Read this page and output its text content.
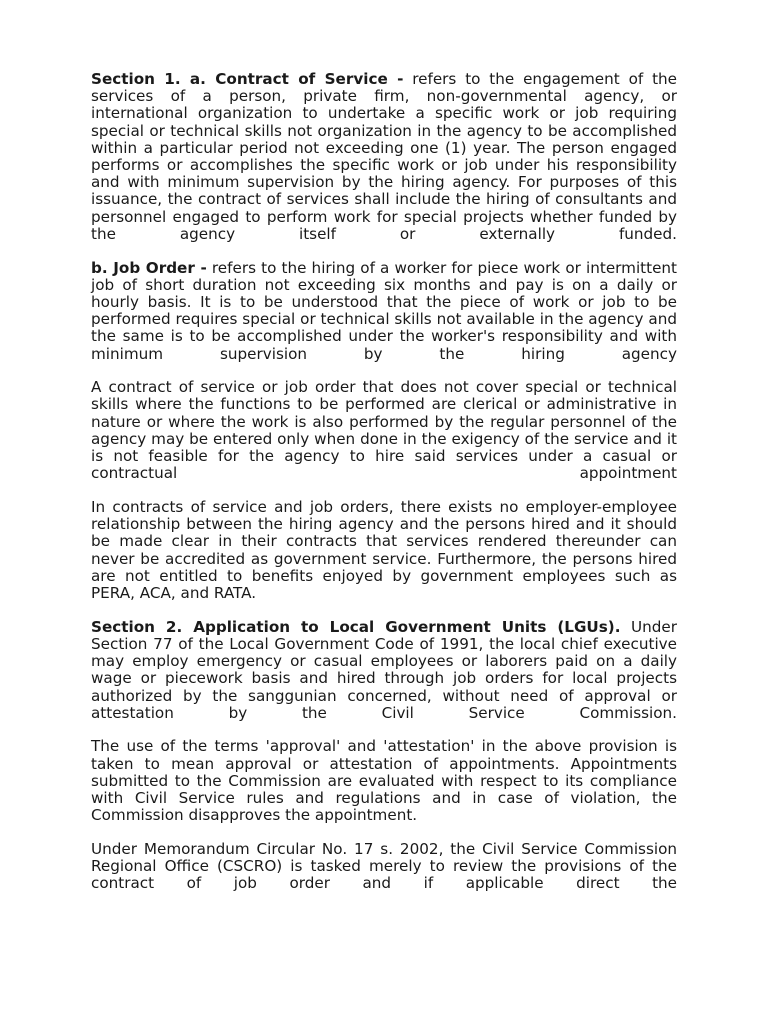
Section 1. a. Contract of Service - refers to the engagement of the services of a person, private firm, non-governmental agency, or international organization to undertake a specific work or job requiring special or technical skills not organization in the agency to be accomplished within a particular period not exceeding one (1) year. The person engaged performs or accomplishes the specific work or job under his responsibility and with minimum supervision by the hiring agency. For purposes of this issuance, the contract of services shall include the hiring of consultants and personnel engaged to perform work for special projects whether funded by the agency itself or externally funded.

b. Job Order - refers to the hiring of a worker for piece work or intermittent job of short duration not exceeding six months and pay is on a daily or hourly basis. It is to be understood that the piece of work or job to be performed requires special or technical skills not available in the agency and the same is to be accomplished under the worker's responsibility and with minimum supervision by the hiring agency

A contract of service or job order that does not cover special or technical skills where the functions to be performed are clerical or administrative in nature or where the work is also performed by the regular personnel of the agency may be entered only when done in the exigency of the service and it is not feasible for the agency to hire said services under a casual or contractual appointment

In contracts of service and job orders, there exists no employer-employee relationship between the hiring agency and the persons hired and it should be made clear in their contracts that services rendered thereunder can never be accredited as government service. Furthermore, the persons hired are not entitled to benefits enjoyed by government employees such as PERA, ACA, and RATA.

Section 2. Application to Local Government Units (LGUs). Under Section 77 of the Local Government Code of 1991, the local chief executive may employ emergency or casual employees or laborers paid on a daily wage or piecework basis and hired through job orders for local projects authorized by the sanggunian concerned, without need of approval or attestation by the Civil Service Commission.

The use of the terms 'approval' and 'attestation' in the above provision is taken to mean approval or attestation of appointments. Appointments submitted to the Commission are evaluated with respect to its compliance with Civil Service rules and regulations and in case of violation, the Commission disapproves the appointment.

Under Memorandum Circular No. 17 s. 2002, the Civil Service Commission Regional Office (CSCRO) is tasked merely to review the provisions of the contract of job order and if applicable direct the
